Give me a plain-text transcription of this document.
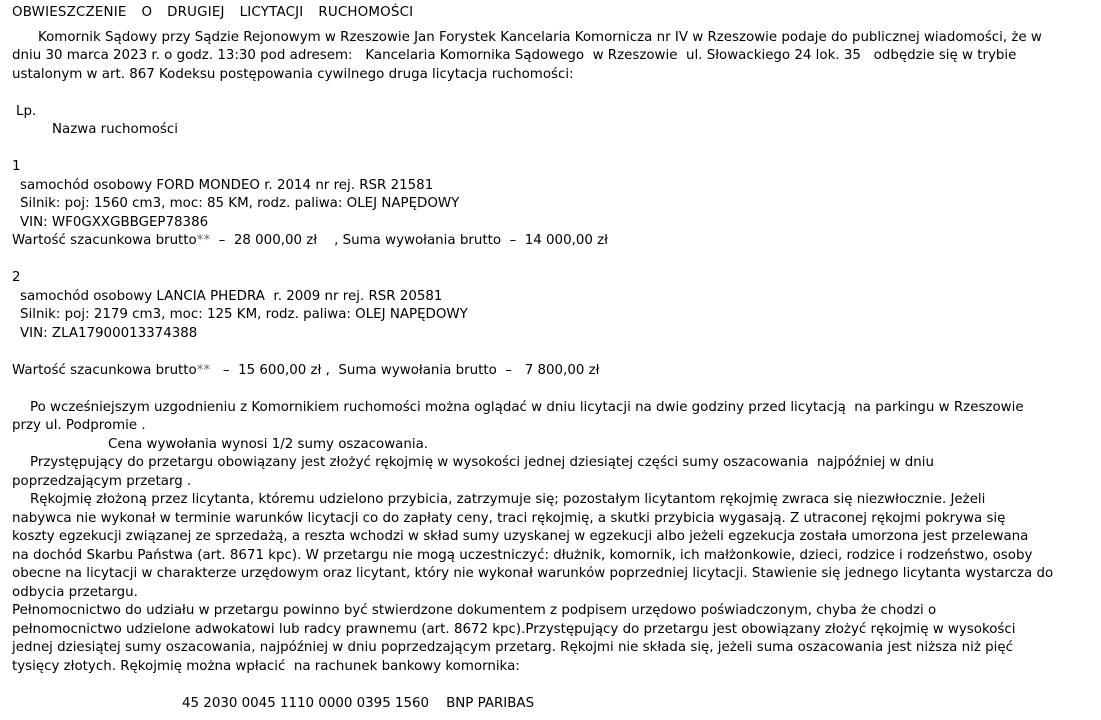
OBWIESZCZENIE  O  DRUGIEJ  LICYTACJI  RUCHOMOŚCI
Komornik Sądowy przy Sądzie Rejonowym w Rzeszowie Jan Forystek Kancelaria Komornicza nr IV w Rzeszowie podaje do publicznej wiadomości, że w
dniu 30 marca 2023 r. o godz. 13:30 pod adresem:   Kancelaria Komornika Sądowego  w Rzeszowie  ul. Słowackiego 24 lok. 35   odbędzie się w trybie
ustalonym w art. 867 Kodeksu postępowania cywilnego druga licytacja ruchomości:
Lp.
Nazwa ruchomości
1
samochód osobowy FORD MONDEO r. 2014 nr rej. RSR 21581
Silnik: poj: 1560 cm3, moc: 85 KM, rodz. paliwa: OLEJ NAPĘDOWY
VIN: WF0GXXGBBGEP78386
Wartość szacunkowa brutto**  –  28 000,00 zł    , Suma wywołania brutto  –  14 000,00 zł
2
samochód osobowy LANCIA PHEDRA  r. 2009 nr rej. RSR 20581
Silnik: poj: 2179 cm3, moc: 125 KM, rodz. paliwa: OLEJ NAPĘDOWY
VIN: ZLA17900013374388
Wartość szacunkowa brutto**   –  15 600,00 zł ,  Suma wywołania brutto  –   7 800,00 zł
Po wcześniejszym uzgodnieniu z Komornikiem ruchomości można oglądać w dniu licytacji na dwie godziny przed licytacją  na parkingu w Rzeszowie
przy ul. Podpromie .
Cena wywołania wynosi 1/2 sumy oszacowania.
Przystępujący do przetargu obowiązany jest złożyć rękojmię w wysokości jednej dziesiątej części sumy oszacowania  najpóźniej w dniu
poprzedzającym przetarg .
Rękojmię złożoną przez licytanta, któremu udzielono przybicia, zatrzymuje się; pozostałym licytantom rękojmię zwraca się niezwłocznie. Jeżeli
nabywca nie wykonał w terminie warunków licytacji co do zapłaty ceny, traci rękojmię, a skutki przybicia wygasają. Z utraconej rękojmi pokrywa się
koszty egzekucji związanej ze sprzedażą, a reszta wchodzi w skład sumy uzyskanej w egzekucji albo jeżeli egzekucja została umorzona jest przelewana
na dochód Skarbu Państwa (art. 8671 kpc). W przetargu nie mogą uczestniczyć: dłużnik, komornik, ich małżonkowie, dzieci, rodzice i rodzeństwo, osoby
obecne na licytacji w charakterze urzędowym oraz licytant, który nie wykonał warunków poprzedniej licytacji. Stawienie się jednego licytanta wystarcza do
odbycia przetargu.
Pełnomocnictwo do udziału w przetargu powinno być stwierdzone dokumentem z podpisem urzędowo poświadczonym, chyba że chodzi o
pełnomocnictwo udzielone adwokatowi lub radcy prawnemu (art. 8672 kpc).Przystępujący do przetargu jest obowiązany złożyć rękojmię w wysokości
jednej dziesiątej sumy oszacowania, najpóźniej w dniu poprzedzającym przetarg. Rękojmi nie składa się, jeżeli suma oszacowania jest niższa niż pięć
tysięcy złotych. Rękojmię można wpłacić  na rachunek bankowy komornika:
45 2030 0045 1110 0000 0395 1560    BNP PARIBAS
